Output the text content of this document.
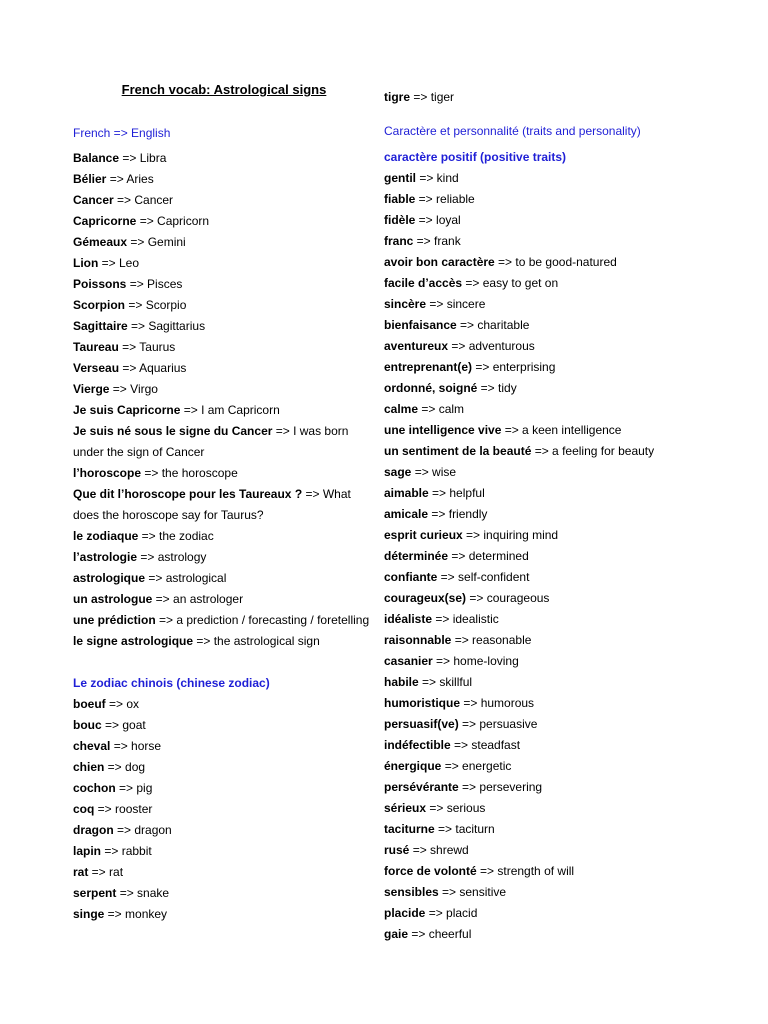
French vocab: Astrological signs
French => English
Balance => Libra
Bélier => Aries
Cancer => Cancer
Capricorne => Capricorn
Gémeaux => Gemini
Lion => Leo
Poissons => Pisces
Scorpion => Scorpio
Sagittaire => Sagittarius
Taureau => Taurus
Verseau => Aquarius
Vierge => Virgo
Je suis Capricorne => I am Capricorn
Je suis né sous le signe du Cancer => I was born under the sign of Cancer
l’horoscope => the horoscope
Que dit l’horoscope pour les Taureaux ? => What does the horoscope say for Taurus?
le zodiaque => the zodiac
l’astrologie => astrology
astrologique => astrological
un astrologue => an astrologer
une prédiction => a prediction / forecasting / foretelling
le signe astrologique => the astrological sign
Le zodiac chinois (chinese zodiac)
boeuf => ox
bouc => goat
cheval => horse
chien => dog
cochon => pig
coq => rooster
dragon => dragon
lapin => rabbit
rat => rat
serpent => snake
singe => monkey
tigre => tiger
Caractère et personnalité (traits and personality)
caractère positif (positive traits)
gentil => kind
fiable => reliable
fidèle => loyal
franc => frank
avoir bon caractère => to be good-natured
facile d’accès => easy to get on
sincère => sincere
bienfaisance => charitable
aventureux => adventurous
entreprenant(e) => enterprising
ordonné, soigné => tidy
calme => calm
une intelligence vive => a keen intelligence
un sentiment de la beauté => a feeling for beauty
sage => wise
aimable => helpful
amicale => friendly
esprit curieux => inquiring mind
déterminée => determined
confiante => self-confident
courageux(se) => courageous
idéaliste => idealistic
raisonnable => reasonable
casanier => home-loving
habile => skillful
humoristique => humorous
persuasif(ve) => persuasive
indéfectible => steadfast
énergique => energetic
persévérante => persevering
sérieux => serious
taciturne => taciturn
rusé => shrewd
force de volonté => strength of will
sensibles => sensitive
placide => placid
gaie => cheerful
